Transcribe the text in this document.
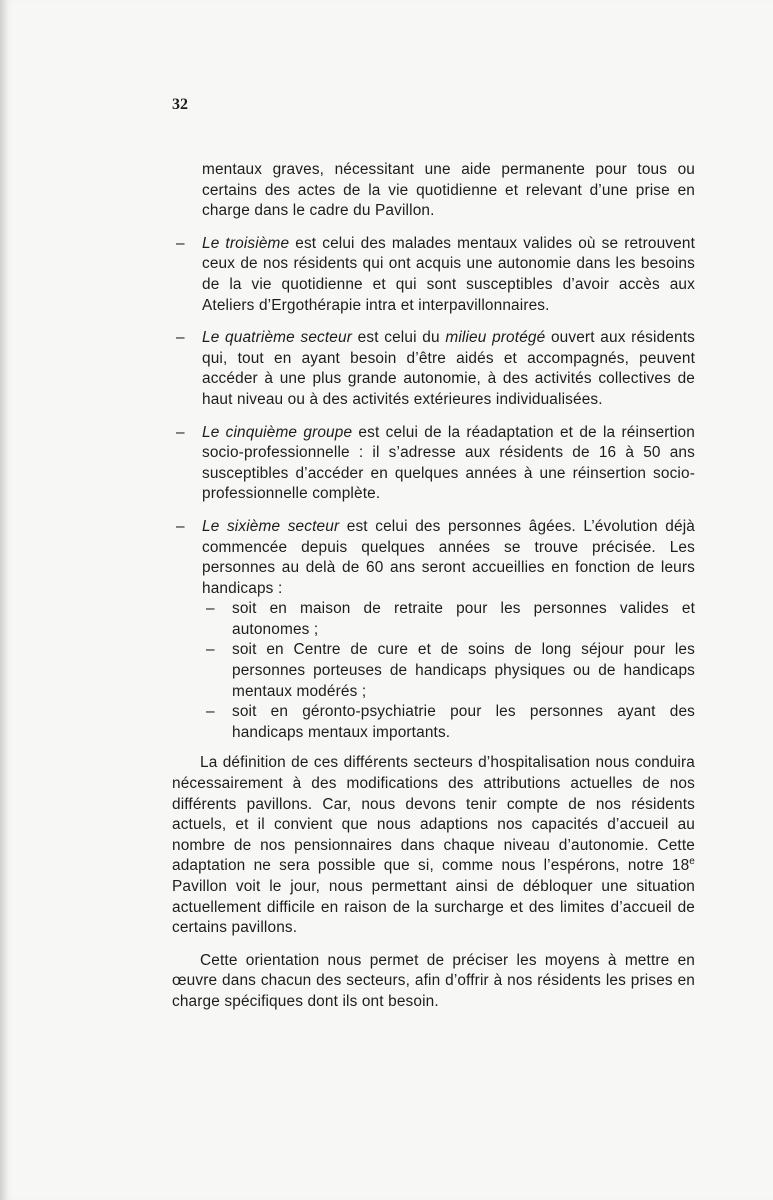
32

mentaux graves, nécessitant une aide permanente pour tous ou certains des actes de la vie quotidienne et relevant d’une prise en charge dans le cadre du Pavillon.

– Le troisième est celui des malades mentaux valides où se retrouvent ceux de nos résidents qui ont acquis une autonomie dans les besoins de la vie quotidienne et qui sont susceptibles d’avoir accès aux Ateliers d’Ergothérapie intra et interpavillonnaires.

– Le quatrième secteur est celui du milieu protégé ouvert aux résidents qui, tout en ayant besoin d’être aidés et accompagnés, peuvent accéder à une plus grande autonomie, à des activités collectives de haut niveau ou à des activités extérieures individualisées.

– Le cinquième groupe est celui de la réadaptation et de la réinsertion socio-professionnelle : il s’adresse aux résidents de 16 à 50 ans susceptibles d’accéder en quelques années à une réinsertion socio-professionnelle complète.

– Le sixième secteur est celui des personnes âgées. L’évolution déjà commencée depuis quelques années se trouve précisée. Les personnes au delà de 60 ans seront accueillies en fonction de leurs handicaps :

– soit en maison de retraite pour les personnes valides et autonomes ;

– soit en Centre de cure et de soins de long séjour pour les personnes porteuses de handicaps physiques ou de handicaps mentaux modérés ;

– soit en géronto-psychiatrie pour les personnes ayant des handicaps mentaux importants.

La définition de ces différents secteurs d’hospitalisation nous conduira nécessairement à des modifications des attributions actuelles de nos différents pavillons. Car, nous devons tenir compte de nos résidents actuels, et il convient que nous adaptions nos capacités d’accueil au nombre de nos pensionnaires dans chaque niveau d’autonomie. Cette adaptation ne sera possible que si, comme nous l’espérons, notre 18e Pavillon voit le jour, nous permettant ainsi de débloquer une situation actuellement difficile en raison de la surcharge et des limites d’accueil de certains pavillons.

Cette orientation nous permet de préciser les moyens à mettre en œuvre dans chacun des secteurs, afin d’offrir à nos résidents les prises en charge spécifiques dont ils ont besoin.
